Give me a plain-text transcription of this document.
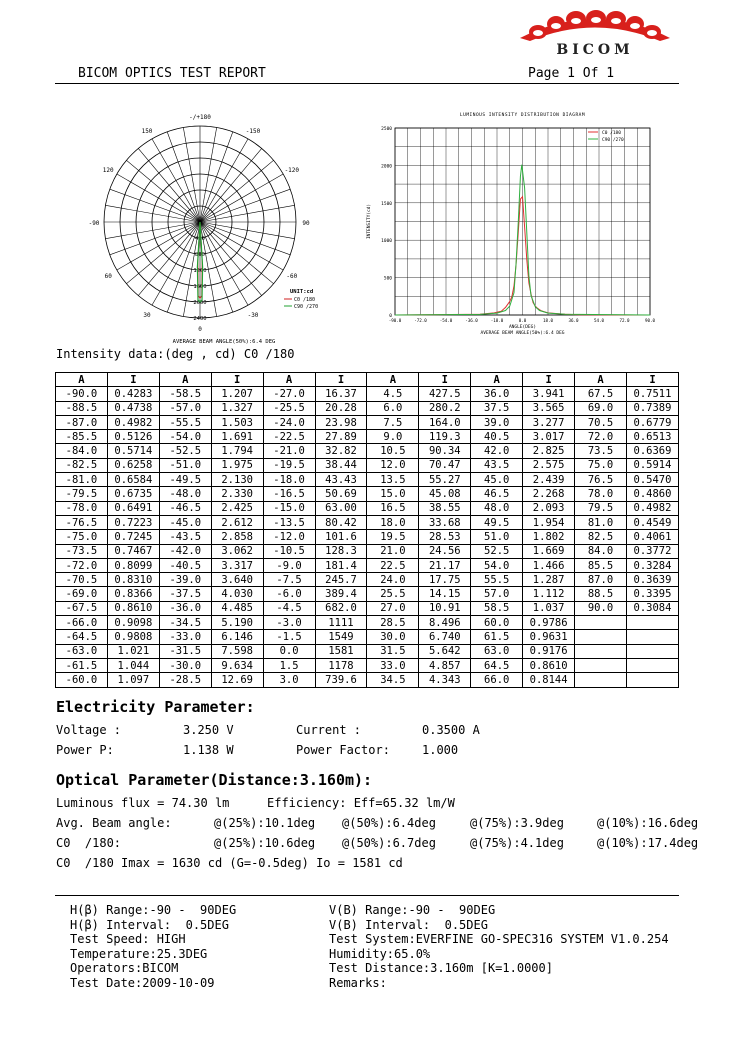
BICOM
BICOM OPTICS TEST REPORT	Page 1 Of 1
-/+180
150	-150
120	-120
90
-90
60	-60
30	-30
0
400
800
1200
1600
2000
2400
UNIT:cd
C0 /180
C90 /270
AVERAGE BEAM ANGLE(50%):6.4 DEG
LUMINOUS INTENSITY DISTRIBUTION DIAGRAM
-90.0	-72.0	-54.0	-36.0	-18.0	0.0	18.0	36.0	54.0	72.0	90.0
0
500
1000
1500
2000
2500
ANGLE(DEG)
AVERAGE BEAM ANGLE(50%):6.4 DEG
INTENSITY(cd)
C0 /180
C90 /270
Intensity data:(deg , cd) C0 /180
A	I	A	I	A	I	A	I	A	I	A	I
-90.0	0.4283	-58.5	1.207	-27.0	16.37	4.5	427.5	36.0	3.941	67.5	0.7511
-88.5	0.4738	-57.0	1.327	-25.5	20.28	6.0	280.2	37.5	3.565	69.0	0.7389
-87.0	0.4982	-55.5	1.503	-24.0	23.98	7.5	164.0	39.0	3.277	70.5	0.6779
-85.5	0.5126	-54.0	1.691	-22.5	27.89	9.0	119.3	40.5	3.017	72.0	0.6513
-84.0	0.5714	-52.5	1.794	-21.0	32.82	10.5	90.34	42.0	2.825	73.5	0.6369
-82.5	0.6258	-51.0	1.975	-19.5	38.44	12.0	70.47	43.5	2.575	75.0	0.5914
-81.0	0.6584	-49.5	2.130	-18.0	43.43	13.5	55.27	45.0	2.439	76.5	0.5470
-79.5	0.6735	-48.0	2.330	-16.5	50.69	15.0	45.08	46.5	2.268	78.0	0.4860
-78.0	0.6491	-46.5	2.425	-15.0	63.00	16.5	38.55	48.0	2.093	79.5	0.4982
-76.5	0.7223	-45.0	2.612	-13.5	80.42	18.0	33.68	49.5	1.954	81.0	0.4549
-75.0	0.7245	-43.5	2.858	-12.0	101.6	19.5	28.53	51.0	1.802	82.5	0.4061
-73.5	0.7467	-42.0	3.062	-10.5	128.3	21.0	24.56	52.5	1.669	84.0	0.3772
-72.0	0.8099	-40.5	3.317	-9.0	181.4	22.5	21.17	54.0	1.466	85.5	0.3284
-70.5	0.8310	-39.0	3.640	-7.5	245.7	24.0	17.75	55.5	1.287	87.0	0.3639
-69.0	0.8366	-37.5	4.030	-6.0	389.4	25.5	14.15	57.0	1.112	88.5	0.3395
-67.5	0.8610	-36.0	4.485	-4.5	682.0	27.0	10.91	58.5	1.037	90.0	0.3084
-66.0	0.9098	-34.5	5.190	-3.0	1111	28.5	8.496	60.0	0.9786		
-64.5	0.9808	-33.0	6.146	-1.5	1549	30.0	6.740	61.5	0.9631		
-63.0	1.021	-31.5	7.598	0.0	1581	31.5	5.642	63.0	0.9176		
-61.5	1.044	-30.0	9.634	1.5	1178	33.0	4.857	64.5	0.8610		
-60.0	1.097	-28.5	12.69	3.0	739.6	34.5	4.343	66.0	0.8144		
Electricity Parameter:
Voltage :	3.250 V	Current :	0.3500 A
Power P:	1.138 W	Power Factor:	1.000
Optical Parameter(Distance:3.160m):
Luminous flux = 74.30 lm	Efficiency: Eff=65.32 lm/W
Avg. Beam angle:	@(25%):10.1deg @(50%):6.4deg	@(75%):3.9deg	@(10%):16.6deg
C0  /180:	@(25%):10.6deg @(50%):6.7deg	@(75%):4.1deg	@(10%):17.4deg
C0  /180 Imax = 1630 cd (G=-0.5deg) Io = 1581 cd
H(β) Range:-90 -  90DEG
H(β) Interval:  0.5DEG
Test Speed: HIGH
Temperature:25.3DEG
Operators:BICOM
Test Date:2009-10-09
V(B) Range:-90 -  90DEG
V(B) Interval:  0.5DEG
Test System:EVERFINE GO-SPEC316 SYSTEM V1.0.254
Humidity:65.0%
Test Distance:3.160m [K=1.0000]
Remarks:
